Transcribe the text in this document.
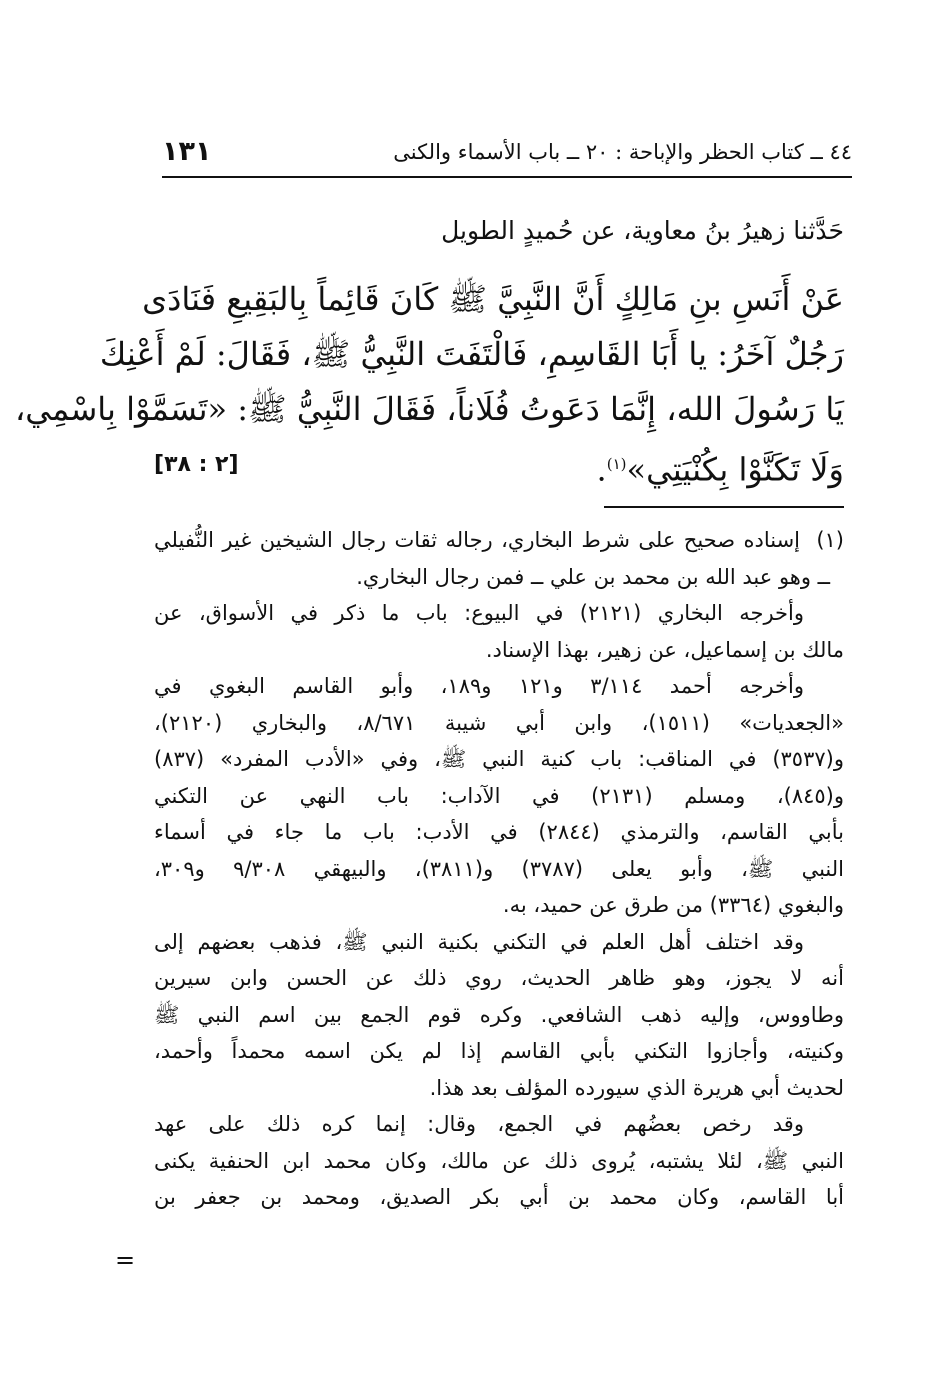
٤٤ ــ كتاب الحظر والإباحة : ٢٠ ــ باب الأسماء والكنى
١٣١
حَدَّثنا زهيرُ بنُ معاوية، عن حُميدٍ الطويل
عَنْ أَنَسِ بنِ مَالِكٍ أَنَّ النَّبِيَّ ﷺ كَانَ قَائِماً بِالبَقِيعِ فَنَادَى
رَجُلٌ آخَرُ: يا أَبَا القَاسِمِ، فَالْتَفَتَ النَّبِيُّ ﷺ، فَقَالَ: لَمْ أَعْنِكَ
يَا رَسُولَ الله، إِنَّمَا دَعَوتُ فُلَاناً، فَقَالَ النَّبِيُّ ﷺ: «تَسَمَّوْا بِاسْمِي،
وَلَا تَكَنَّوْا بِكُنْيَتِي»$^{(١)}$.
[٢ : ٣٨]
(١)
إسناده صحيح على شرط البخاري، رجاله ثقات رجال الشيخين غير النُّفيلي
ــ وهو عبد الله بن محمد بن علي ــ فمن رجال البخاري.
وأخرجه البخاري (٢١٢١) في البيوع: باب ما ذكر في الأسواق، عن
مالك بن إسماعيل، عن زهير، بهذا الإسناد.
وأخرجه أحمد ٣/١١٤ و١٢١ و١٨٩، وأبو القاسم البغوي في
«الجعديات» (١٥١١)، وابن أبي شيبة ٨/٦٧١، والبخاري (٢١٢٠)،
و(٣٥٣٧) في المناقب: باب كنية النبي ﷺ، وفي «الأدب المفرد» (٨٣٧)
و(٨٤٥)، ومسلم (٢١٣١) في الآداب: باب النهي عن التكني
بأبي القاسم، والترمذي (٢٨٤٤) في الأدب: باب ما جاء في أسماء
النبي ﷺ، وأبو يعلى (٣٧٨٧) و(٣٨١١)، والبيهقي ٩/٣٠٨ و٣٠٩،
والبغوي (٣٣٦٤) من طرق عن حميد، به.
وقد اختلف أهل العلم في التكني بكنية النبي ﷺ، فذهب بعضهم إلى
أنه لا يجوز، وهو ظاهر الحديث، روي ذلك عن الحسن وابن سيرين
وطاووس، وإليه ذهب الشافعي. وكره قوم الجمع بين اسم النبي ﷺ
وكنيته، وأجازوا التكني بأبي القاسم إذا لم يكن اسمه محمداً وأحمد،
لحديث أبي هريرة الذي سيورده المؤلف بعد هذا.
وقد رخص بعضُهم في الجمع، وقال: إنما كره ذلك على عهد
النبي ﷺ، لئلا يشتبه، يُروى ذلك عن مالك، وكان محمد ابن الحنفية يكنى
أبا القاسم، وكان محمد بن أبي بكر الصديق، ومحمد بن جعفر بن
=
